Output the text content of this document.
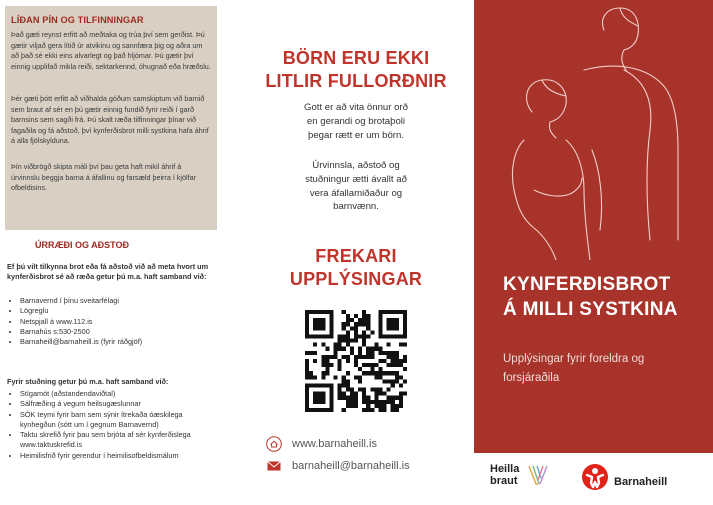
LÍÐAN PÍN OG TILFINNINGAR
Það gæti reynst erfitt að meðtaka og trúa því sem gerðist. Þú gætir viljað gera lítið úr atvikinu og sannfæra þig og aðra um að það sé ekki eins alvarlegt og það hljómar. Þú gætir því einnig upplifað mikla reiði, sektarkennd, óhugnað eða hræðslu.
Þér gæti þótt erfitt að viðhalda góðum samskiptum við barnið sem braut af sér en þú gætir einnig fundið fyrir reiði í garð barnsins sem sagði frá. Þú skalt ræða tilfinningar þínar við fagaðila og fá aðstoð, því kynferðisbrot milli systkina hafa áhrif á alla fjölskylduna.
Þín viðbrögð skipta máli því þau geta haft mikil áhrif á úrvinnslu beggja barna á áfallinu og farsæld þeirra í kjölfar ofbeldisins.
ÚRRÆÐI OG AÐSTOÐ
Ef þú vilt tilkynna brot eða fá aðstoð við að meta hvort um kynferðisbrot sé að ræða getur þú m.a. haft samband við:
• Barnavernd í þínu sveitarfélagi
• Lögreglu
• Netspjall á www.112.is
• Barnahús s:530-2500
• Barnaheill@barnaheill.is (fyrir ráðgjöf)
Fyrir stuðning getur þú m.a. haft samband við:
• Stígamót (aðstandendaviðtal)
• Sálfræðing á vegum heilsugæslunnar
• SÓK teymi fyrir barn sem sýnir ítrekaða óæskilega kynhegðun (sótt um í gegnum Barnavernd)
• Taktu skrefið fyrir þau sem brjóta af sér kynferðislega www.taktuskrefid.is
• Heimilisfrið fyrir gerendur í heimilisofbeldismálum
BÖRN ERU EKKI
LITLIR FULLORÐNIR
Gott er að vita önnur orð
en gerandi og brotaþoli
þegar rætt er um börn.
Úrvinnsla, aðstoð og
stuðningur ætti ávallt að
vera áfallamiðaður og
barnvænn.
FREKARI
UPPLÝSINGAR
www.barnaheill.is
barnaheill@barnaheill.is
KYNFERÐISBROT
Á MILLI SYSTKINA
Upplýsingar fyrir foreldra og
forsjáraðila
Heilla
braut	Barnaheill
